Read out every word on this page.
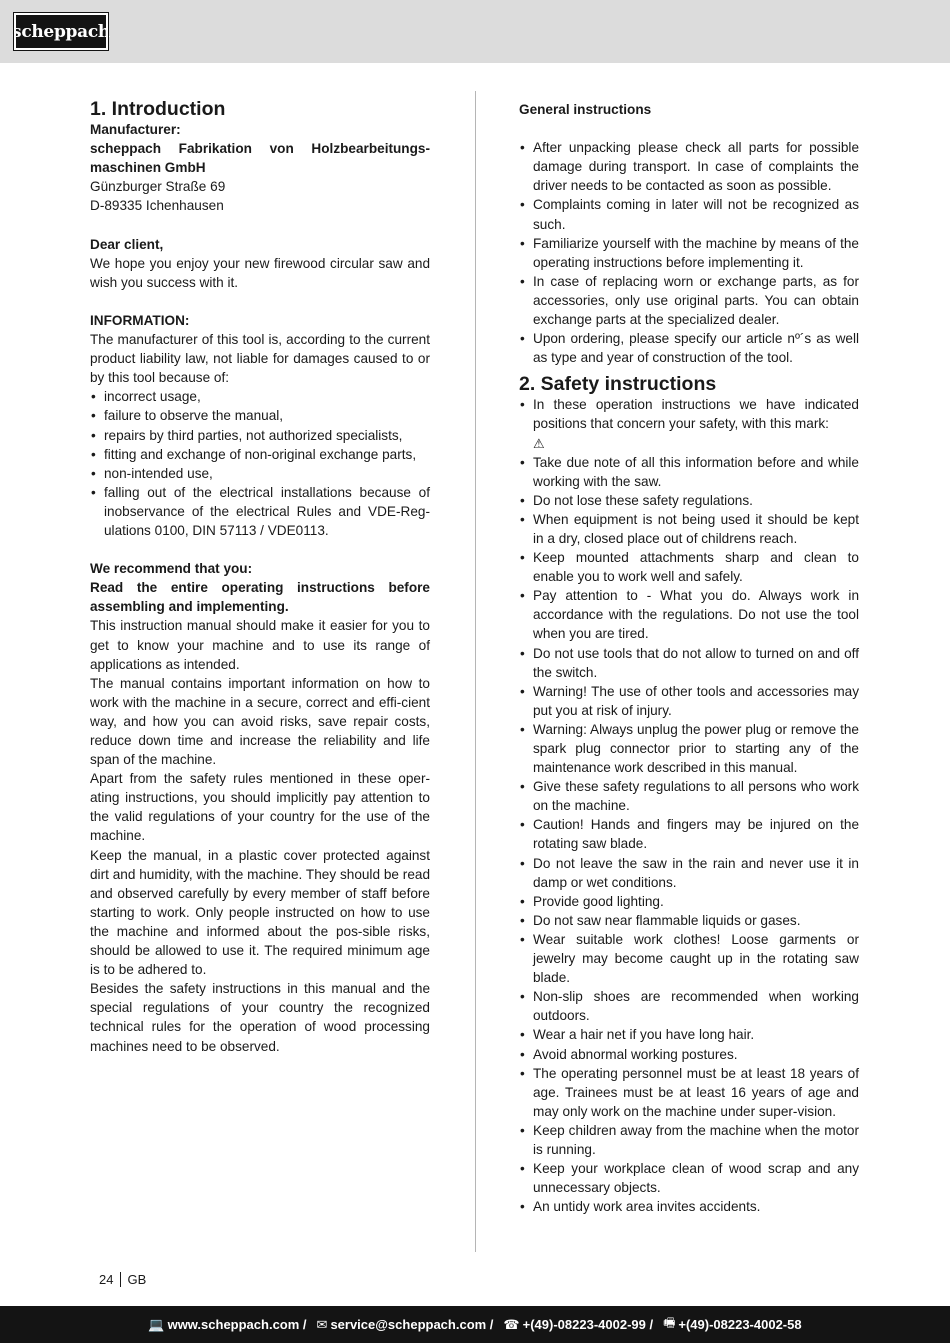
scheppach
1. Introduction
Manufacturer:
scheppach Fabrikation von Holzbearbeitungs-maschinen GmbH
Günzburger Straße 69
D-89335 Ichenhausen
Dear client,
We hope you enjoy your new firewood circular saw and wish you success with it.
INFORMATION:
The manufacturer of this tool is, according to the current product liability law, not liable for damages caused to or by this tool because of:
• incorrect usage,
• failure to observe the manual,
• repairs by third parties, not authorized specialists,
• fitting and exchange of non-original exchange parts,
• non-intended use,
• falling out of the electrical installations because of inobservance of the electrical Rules and VDE-Reg-ulations 0100, DIN 57113 / VDE0113.
We recommend that you:
Read the entire operating instructions before assembling and implementing.
This instruction manual should make it easier for you to get to know your machine and to use its range of applications as intended.
The manual contains important information on how to work with the machine in a secure, correct and effi-cient way, and how you can avoid risks, save repair costs, reduce down time and increase the reliability and life span of the machine.
Apart from the safety rules mentioned in these oper-ating instructions, you should implicitly pay attention to the valid regulations of your country for the use of the machine.
Keep the manual, in a plastic cover protected against dirt and humidity, with the machine. They should be read and observed carefully by every member of staff before starting to work. Only people instructed on how to use the machine and informed about the pos-sible risks, should be allowed to use it. The required minimum age is to be adhered to.
Besides the safety instructions in this manual and the special regulations of your country the recognized technical rules for the operation of wood processing machines need to be observed.
General instructions
• After unpacking please check all parts for possible damage during transport. In case of complaints the driver needs to be contacted as soon as possible.
• Complaints coming in later will not be recognized as such.
• Familiarize yourself with the machine by means of the operating instructions before implementing it.
• In case of replacing worn or exchange parts, as for accessories, only use original parts. You can obtain exchange parts at the specialized dealer.
• Upon ordering, please specify our article nº´s as well as type and year of construction of the tool.
2. Safety instructions
• In these operation instructions we have indicated positions that concern your safety, with this mark:
⚠
• Take due note of all this information before and while working with the saw.
• Do not lose these safety regulations.
• When equipment is not being used it should be kept in a dry, closed place out of childrens reach.
• Keep mounted attachments sharp and clean to enable you to work well and safely.
• Pay attention to - What you do. Always work in accordance with the regulations. Do not use the tool when you are tired.
• Do not use tools that do not allow to turned on and off the switch.
• Warning! The use of other tools and accessories may put you at risk of injury.
• Warning: Always unplug the power plug or remove the spark plug connector prior to starting any of the maintenance work described in this manual.
• Give these safety regulations to all persons who work on the machine.
• Caution! Hands and fingers may be injured on the rotating saw blade.
• Do not leave the saw in the rain and never use it in damp or wet conditions.
• Provide good lighting.
• Do not saw near flammable liquids or gases.
• Wear suitable work clothes! Loose garments or jewelry may become caught up in the rotating saw blade.
• Non-slip shoes are recommended when working outdoors.
• Wear a hair net if you have long hair.
• Avoid abnormal working postures.
• The operating personnel must be at least 18 years of age. Trainees must be at least 16 years of age and may only work on the machine under super-vision.
• Keep children away from the machine when the motor is running.
• Keep your workplace clean of wood scrap and any unnecessary objects.
• An untidy work area invites accidents.
24	GB
💻 www.scheppach.com / ✉ service@scheppach.com / ☎ +(49)-08223-4002-99 / 🖷 +(49)-08223-4002-58
